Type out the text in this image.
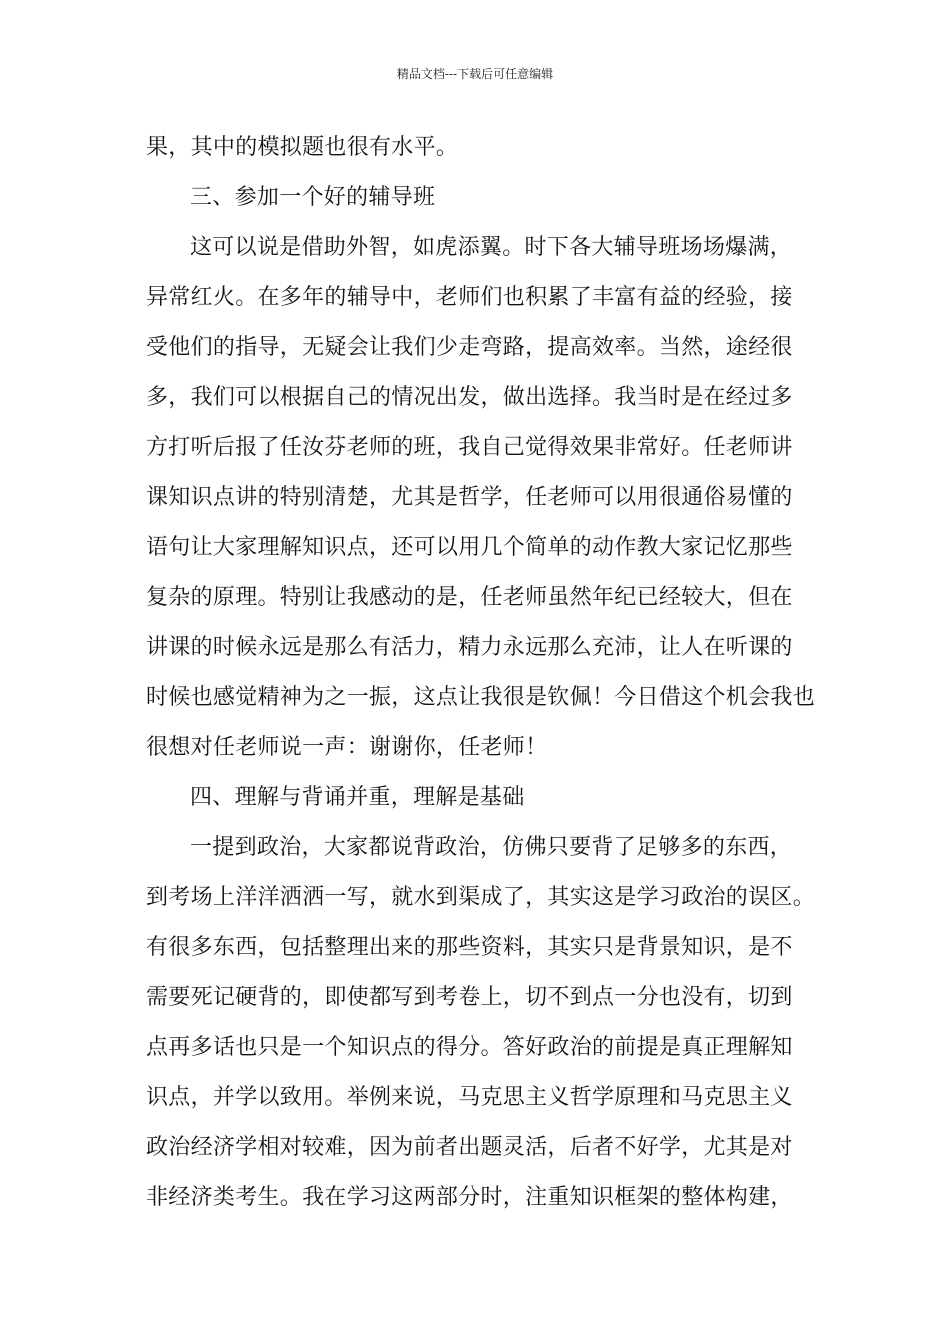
精品文档---下载后可任意编辑
果，其中的模拟题也很有水平。
三、参加一个好的辅导班
这可以说是借助外智，如虎添翼。时下各大辅导班场场爆满，
异常红火。在多年的辅导中，老师们也积累了丰富有益的经验，接
受他们的指导，无疑会让我们少走弯路，提高效率。当然，途经很
多，我们可以根据自己的情况出发，做出选择。我当时是在经过多
方打听后报了任汝芬老师的班，我自己觉得效果非常好。任老师讲
课知识点讲的特别清楚，尤其是哲学，任老师可以用很通俗易懂的
语句让大家理解知识点，还可以用几个简单的动作教大家记忆那些
复杂的原理。特别让我感动的是，任老师虽然年纪已经较大，但在
讲课的时候永远是那么有活力，精力永远那么充沛，让人在听课的
时候也感觉精神为之一振，这点让我很是钦佩！今日借这个机会我也
很想对任老师说一声：谢谢你，任老师！
四、理解与背诵并重，理解是基础
一提到政治，大家都说背政治，仿佛只要背了足够多的东西，
到考场上洋洋洒洒一写，就水到渠成了，其实这是学习政治的误区。
有很多东西，包括整理出来的那些资料，其实只是背景知识，是不
需要死记硬背的，即使都写到考卷上，切不到点一分也没有，切到
点再多话也只是一个知识点的得分。答好政治的前提是真正理解知
识点，并学以致用。举例来说，马克思主义哲学原理和马克思主义
政治经济学相对较难，因为前者出题灵活，后者不好学，尤其是对
非经济类考生。我在学习这两部分时，注重知识框架的整体构建，
